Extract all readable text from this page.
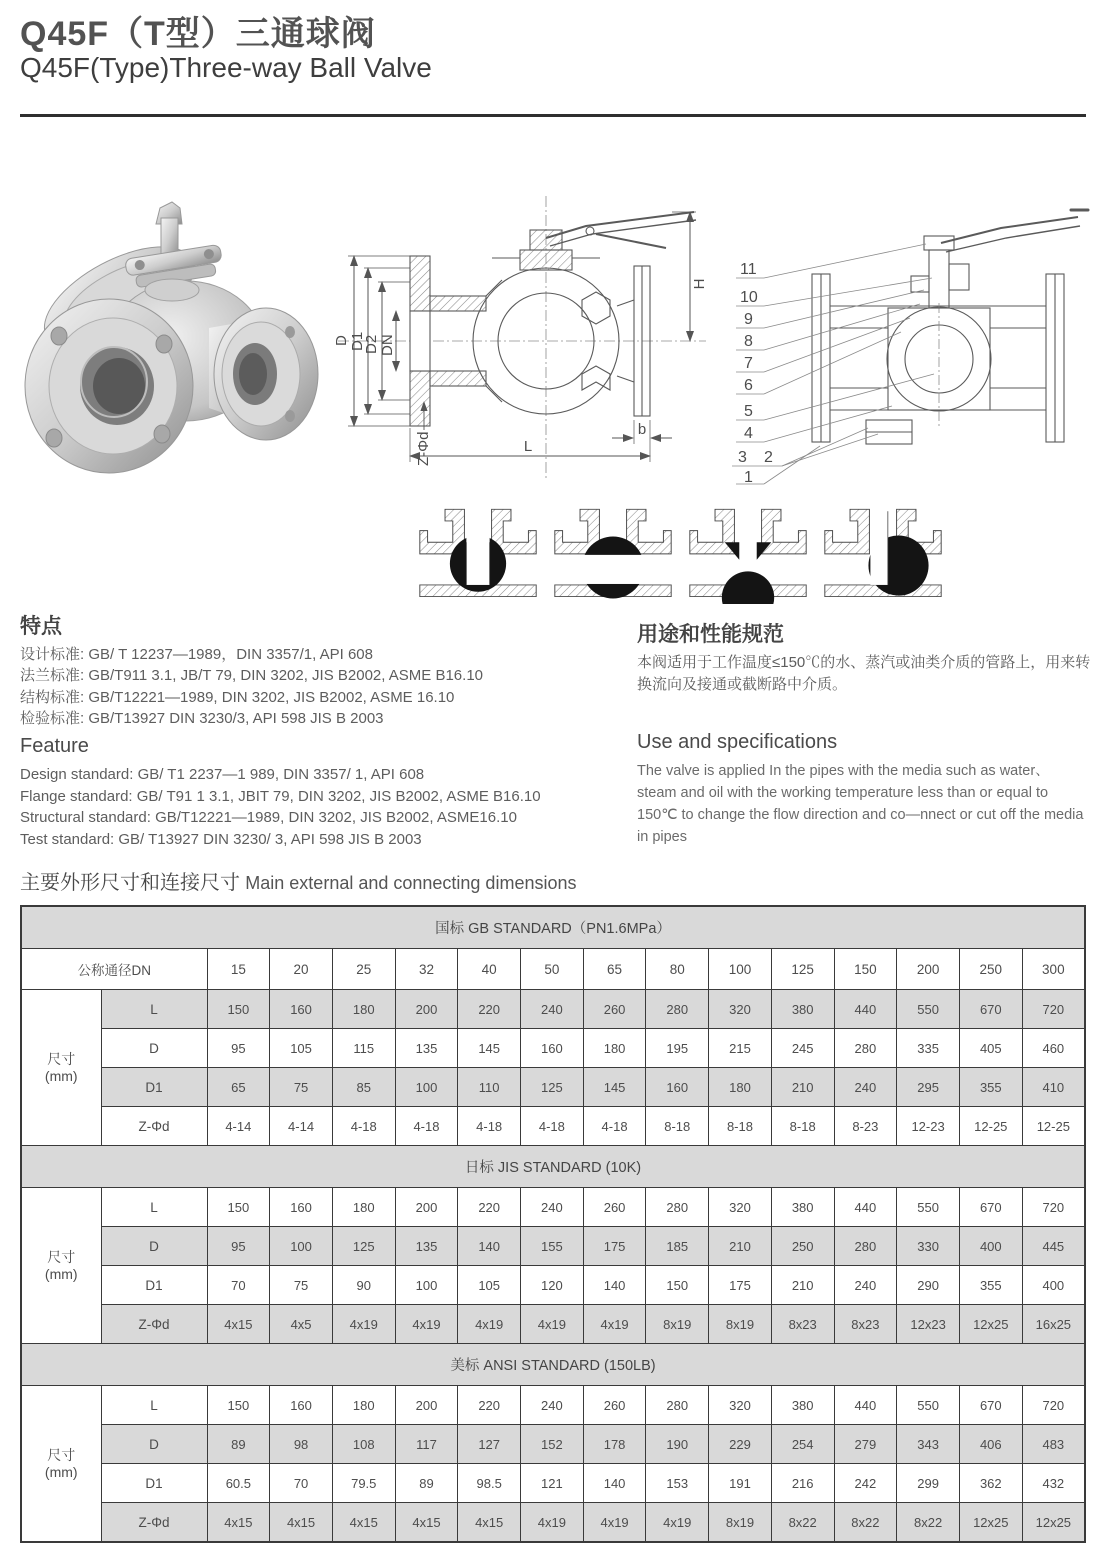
Q45F（T型）三通球阀
Q45F(Type)Three-way Ball Valve
D D1
D2 DN
Z-Φd	L
b
H
11
10
9
8
7
6
5
4
3 2
1
特点
设计标准: GB/ T 12237—1989，DIN 3357/1, API 608
法兰标准: GB/T911 3.1, JB/T 79, DIN 3202, JIS B2002, ASME B16.10
结构标准: GB/T12221—1989, DIN 3202, JIS B2002, ASME 16.10
检验标准: GB/T13927 DIN 3230/3, API 598 JIS B 2003
用途和性能规范
本阀适用于工作温度≤150℃的水、蒸汽或油类介质的管路上，用来转换流向及接通或截断路中介质。
Feature
Design standard: GB/ T1 2237—1 989, DIN 3357/ 1, API 608
Flange standard: GB/ T91 1 3.1, JBIT 79, DIN 3202, JIS B2002, ASME B16.10
Structural standard: GB/T12221—1989, DIN 3202, JIS B2002, ASME16.10
Test standard: GB/ T13927 DIN 3230/ 3, API 598 JIS B 2003
Use and specifications
The valve is applied In the pipes with the media such as water、 steam and oil with the working temperature less than or equal to 150℃ to change the flow direction and co—nnect or cut off the media in pipes
主要外形尺寸和连接尺寸 Main external and connecting dimensions
国标 GB STANDARD（PN1.6MPa）															
公称通径DN		15	20	25	32	40	50	65	80	100	125	150	200	250	300

尺寸
(mm)	L	150	160	180	200	220	240	260	280	320	380	440	550	670	720
	D	95	105	115	135	145	160	180	195	215	245	280	335	405	460
	D1	65	75	85	100	110	125	145	160	180	210	240	295	355	410
	Z-Φd	4-14	4-14	4-18	4-18	4-18	4-18	4-18	8-18	8-18	8-18	8-23	12-23	12-25	12-25
日标 JIS STANDARD (10K)															

尺寸
(mm)	L	150	160	180	200	220	240	260	280	320	380	440	550	670	720
	D	95	100	125	135	140	155	175	185	210	250	280	330	400	445
	D1	70	75	90	100	105	120	140	150	175	210	240	290	355	400
	Z-Φd	4x15	4x5	4x19	4x19	4x19	4x19	4x19	8x19	8x19	8x23	8x23	12x23	12x25	16x25
美标 ANSI STANDARD (150LB)															

尺寸
(mm)	L	150	160	180	200	220	240	260	280	320	380	440	550	670	720
	D	89	98	108	117	127	152	178	190	229	254	279	343	406	483
	D1	60.5	70	79.5	89	98.5	121	140	153	191	216	242	299	362	432
	Z-Φd	4x15	4x15	4x15	4x15	4x15	4x19	4x19	4x19	8x19	8x22	8x22	8x22	12x25	12x25
